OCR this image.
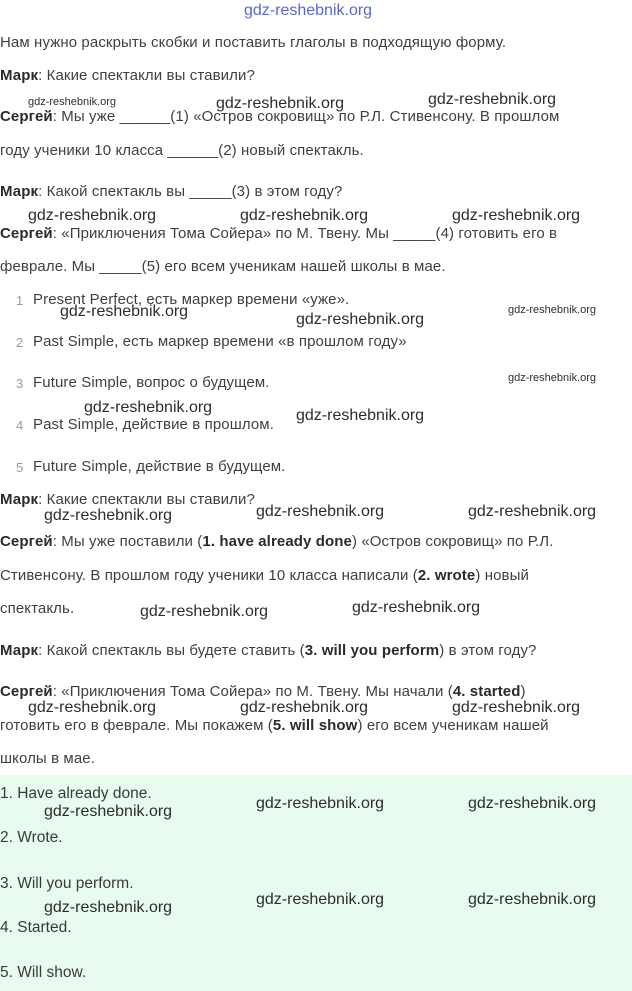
gdz-reshebnik.org
Нам нужно раскрыть скобки и поставить глаголы в подходящую форму.
Марк: Какие спектакли вы ставили?
Сергей: Мы уже ______(1) «Остров сокровищ» по Р.Л. Стивенсону. В прошлом
году ученики 10 класса ______(2) новый спектакль.
Марк: Какой спектакль вы _____(3) в этом году?
Сергей: «Приключения Тома Сойера» по М. Твену. Мы _____(4) готовить его в
феврале. Мы _____(5) его всем ученикам нашей школы в мае.
1 Present Perfect, есть маркер времени «уже».
2 Past Simple, есть маркер времени «в прошлом году»
3 Future Simple, вопрос о будущем.
4 Past Simple, действие в прошлом.
5 Future Simple, действие в будущем.
Марк: Какие спектакли вы ставили?
Сергей: Мы уже поставили (1. have already done) «Остров сокровищ» по Р.Л.
Стивенсону. В прошлом году ученики 10 класса написали (2. wrote) новый
спектакль.
Марк: Какой спектакль вы будете ставить (3. will you perform) в этом году?
Сергей: «Приключения Тома Сойера» по М. Твену. Мы начали (4. started)
готовить его в феврале. Мы покажем (5. will show) его всем ученикам нашей
школы в мае.
1. Have already done.
2. Wrote.
3. Will you perform.
4. Started.
5. Will show.
gdz-reshebnik.org	gdz-reshebnik.org	gdz-reshebnik.org
gdz-reshebnik.org	gdz-reshebnik.org	gdz-reshebnik.org
gdz-reshebnik.org	gdz-reshebnik.org
gdz-reshebnik.org
gdz-reshebnik.org
gdz-reshebnik.org	gdz-reshebnik.org
gdz-reshebnik.org	gdz-reshebnik.org	gdz-reshebnik.org
gdz-reshebnik.org	gdz-reshebnik.org
gdz-reshebnik.org	gdz-reshebnik.org	gdz-reshebnik.org
gdz-reshebnik.org	gdz-reshebnik.org	gdz-reshebnik.org
gdz-reshebnik.org	gdz-reshebnik.org	gdz-reshebnik.org
